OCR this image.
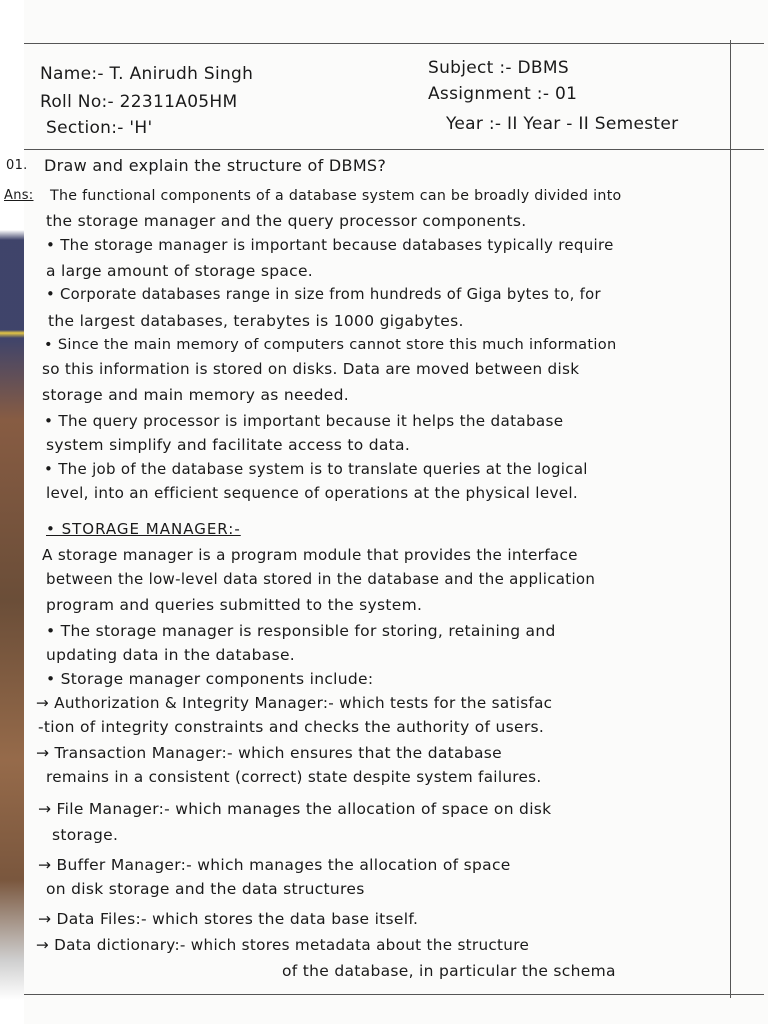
Name:- T. Anirudh Singh
Roll No:- 22311A05HM
Section:- 'H'
Subject :- DBMS
Assignment :- 01
Year :- II Year - II Semester
01. Draw and explain the structure of DBMS?
Ans: The functional components of a database system can be broadly divided into
the storage manager and the query processor components.
• The storage manager is important because databases typically require
a large amount of storage space.
• Corporate databases range in size from hundreds of Giga bytes to, for
the largest databases, terabytes is 1000 gigabytes.
• Since the main memory of computers cannot store this much information
so this information is stored on disks. Data are moved between disk
storage and main memory as needed.
• The query processor is important because it helps the database
system simplify and facilitate access to data.
• The job of the database system is to translate queries at the logical
level, into an efficient sequence of operations at the physical level.
• STORAGE MANAGER:-
A storage manager is a program module that provides the interface
between the low-level data stored in the database and the application
program and queries submitted to the system.
• The storage manager is responsible for storing, retaining and
updating data in the database.
• Storage manager components include:
→ Authorization & Integrity Manager:- which tests for the satisfac
-tion of integrity constraints and checks the authority of users.
→ Transaction Manager:- which ensures that the database
remains in a consistent (correct) state despite system failures.
→ File Manager:- which manages the allocation of space on disk
storage.
→ Buffer Manager:- which manages the allocation of space
on disk storage and the data structures
→ Data Files:- which stores the data base itself.
→ Data dictionary:- which stores metadata about the structure
of the database, in particular the schema
